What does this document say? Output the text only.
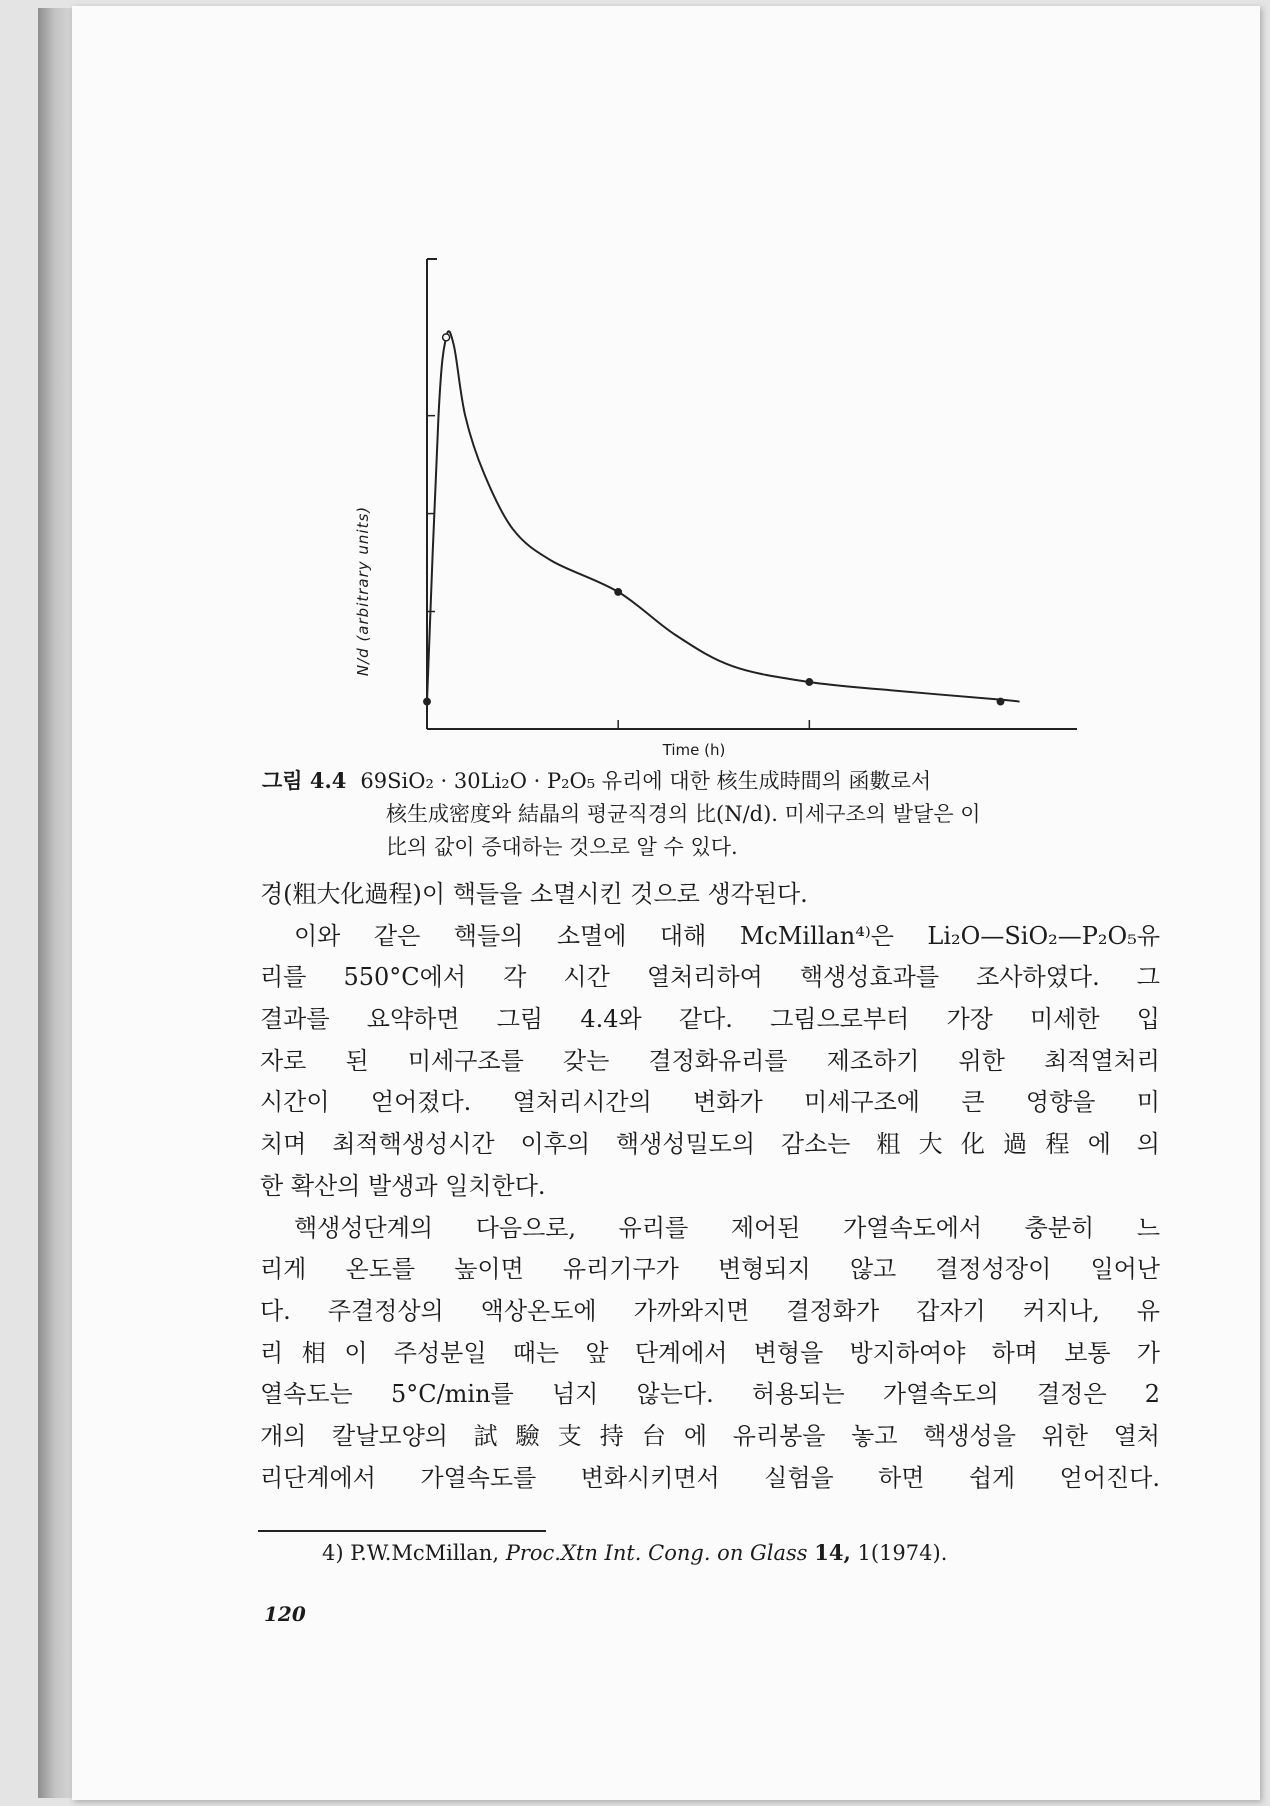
N/d (arbitrary units)
Time (h)
그림 4.4 69SiO₂ · 30Li₂O · P₂O₅ 유리에 대한 核生成時間의 函數로서
核生成密度와 結晶의 평균직경의 比(N/d). 미세구조의 발달은 이
比의 값이 증대하는 것으로 알 수 있다.
경(粗大化過程)이 핵들을 소멸시킨 것으로 생각된다.
이와 같은 핵들의 소멸에 대해 McMillan⁴⁾은 Li₂O—SiO₂—P₂O₅유
리를 550°C에서 각 시간 열처리하여 핵생성효과를 조사하였다. 그
결과를 요약하면 그림 4.4와 같다. 그림으로부터 가장 미세한 입
자로 된 미세구조를 갖는 결정화유리를 제조하기 위한 최적열처리
시간이 얻어졌다. 열처리시간의 변화가 미세구조에 큰 영향을 미
치며 최적핵생성시간 이후의 핵생성밀도의 감소는 粗大化過程에 의
한 확산의 발생과 일치한다.
핵생성단계의 다음으로, 유리를 제어된 가열속도에서 충분히 느
리게 온도를 높이면 유리기구가 변형되지 않고 결정성장이 일어난
다. 주결정상의 액상온도에 가까와지면 결정화가 갑자기 커지나, 유
리相이 주성분일 때는 앞 단계에서 변형을 방지하여야 하며 보통 가
열속도는 5°C/min를 넘지 않는다. 허용되는 가열속도의 결정은 2
개의 칼날모양의 試驗支持台에 유리봉을 놓고 핵생성을 위한 열처
리단계에서 가열속도를 변화시키면서 실험을 하면 쉽게 얻어진다.
4) P.W.McMillan, Proc.Xtn Int. Cong. on Glass 14, 1(1974).
120
